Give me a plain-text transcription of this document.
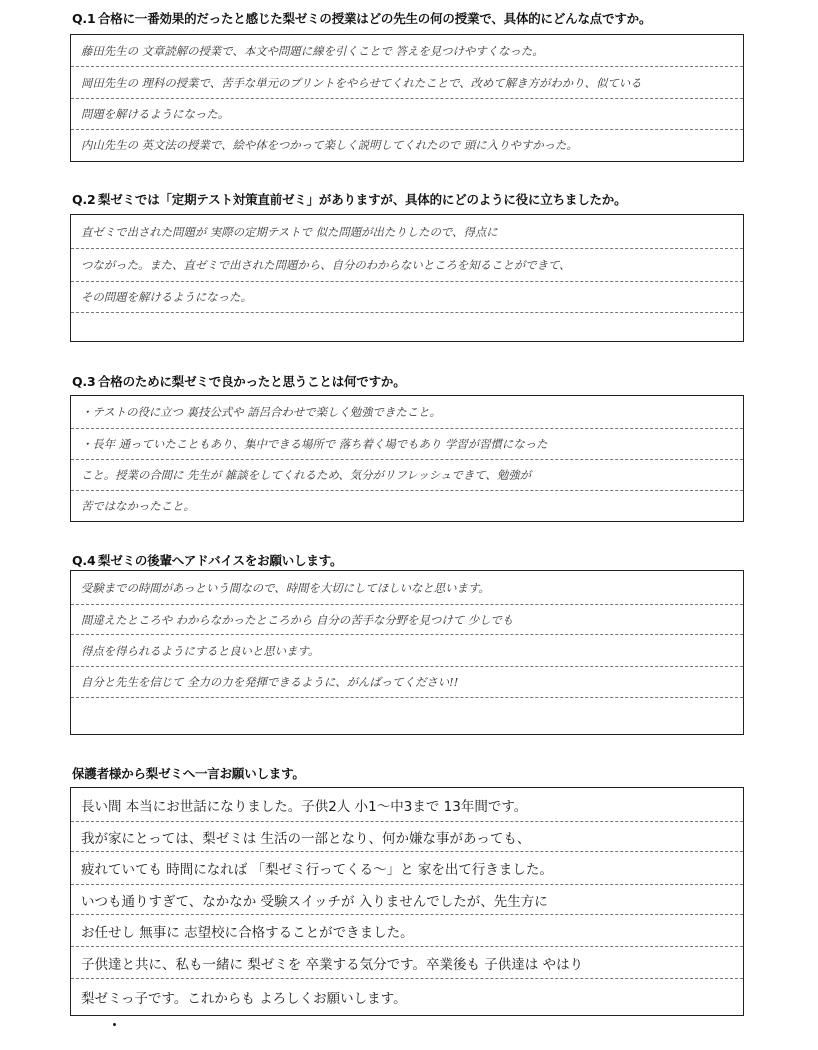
Q.1 合格に一番効果的だったと感じた梨ゼミの授業はどの先生の何の授業で、具体的にどんな点ですか。
藤田先生の 文章読解の授業で、本文や問題に線を引くことで 答えを見つけやすくなった。
岡田先生の 理科の授業で、苦手な単元のプリントをやらせてくれたことで、改めて解き方がわかり、似ている
問題を解けるようになった。
内山先生の 英文法の授業で、絵や体をつかって楽しく説明してくれたので 頭に入りやすかった。
Q.2 梨ゼミでは「定期テスト対策直前ゼミ」がありますが、具体的にどのように役に立ちましたか。
直ゼミで出された問題が 実際の定期テストで 似た問題が出たりしたので、得点に
つながった。また、直ゼミで出された問題から、自分のわからないところを知ることができて、
その問題を解けるようになった。
Q.3 合格のために梨ゼミで良かったと思うことは何ですか。
・テストの役に立つ 裏技公式や 語呂合わせで楽しく勉強できたこと。
・長年 通っていたこともあり、集中できる場所で 落ち着く場でもあり 学習が習慣になった
こと。授業の合間に 先生が 雑談をしてくれるため、気分がリフレッシュできて、勉強が
苦ではなかったこと。
Q.4 梨ゼミの後輩へアドバイスをお願いします。
受験までの時間があっという間なので、時間を大切にしてほしいなと思います。
間違えたところや わからなかったところから 自分の苦手な分野を見つけて 少しでも
得点を得られるようにすると良いと思います。
自分と先生を信じて 全力の力を発揮できるように、がんばってください!!
保護者様から梨ゼミへ一言お願いします。
長い間 本当にお世話になりました。子供2人 小1～中3まで 13年間です。
我が家にとっては、梨ゼミは 生活の一部となり、何か嫌な事があっても、
疲れていても 時間になれば 「梨ゼミ行ってくる～」と 家を出て行きました。
いつも通りすぎて、なかなか 受験スイッチが 入りませんでしたが、先生方に
お任せし 無事に 志望校に合格することができました。
子供達と共に、私も一緒に 梨ゼミを 卒業する気分です。卒業後も 子供達は やはり
梨ゼミっ子です。これからも よろしくお願いします。
